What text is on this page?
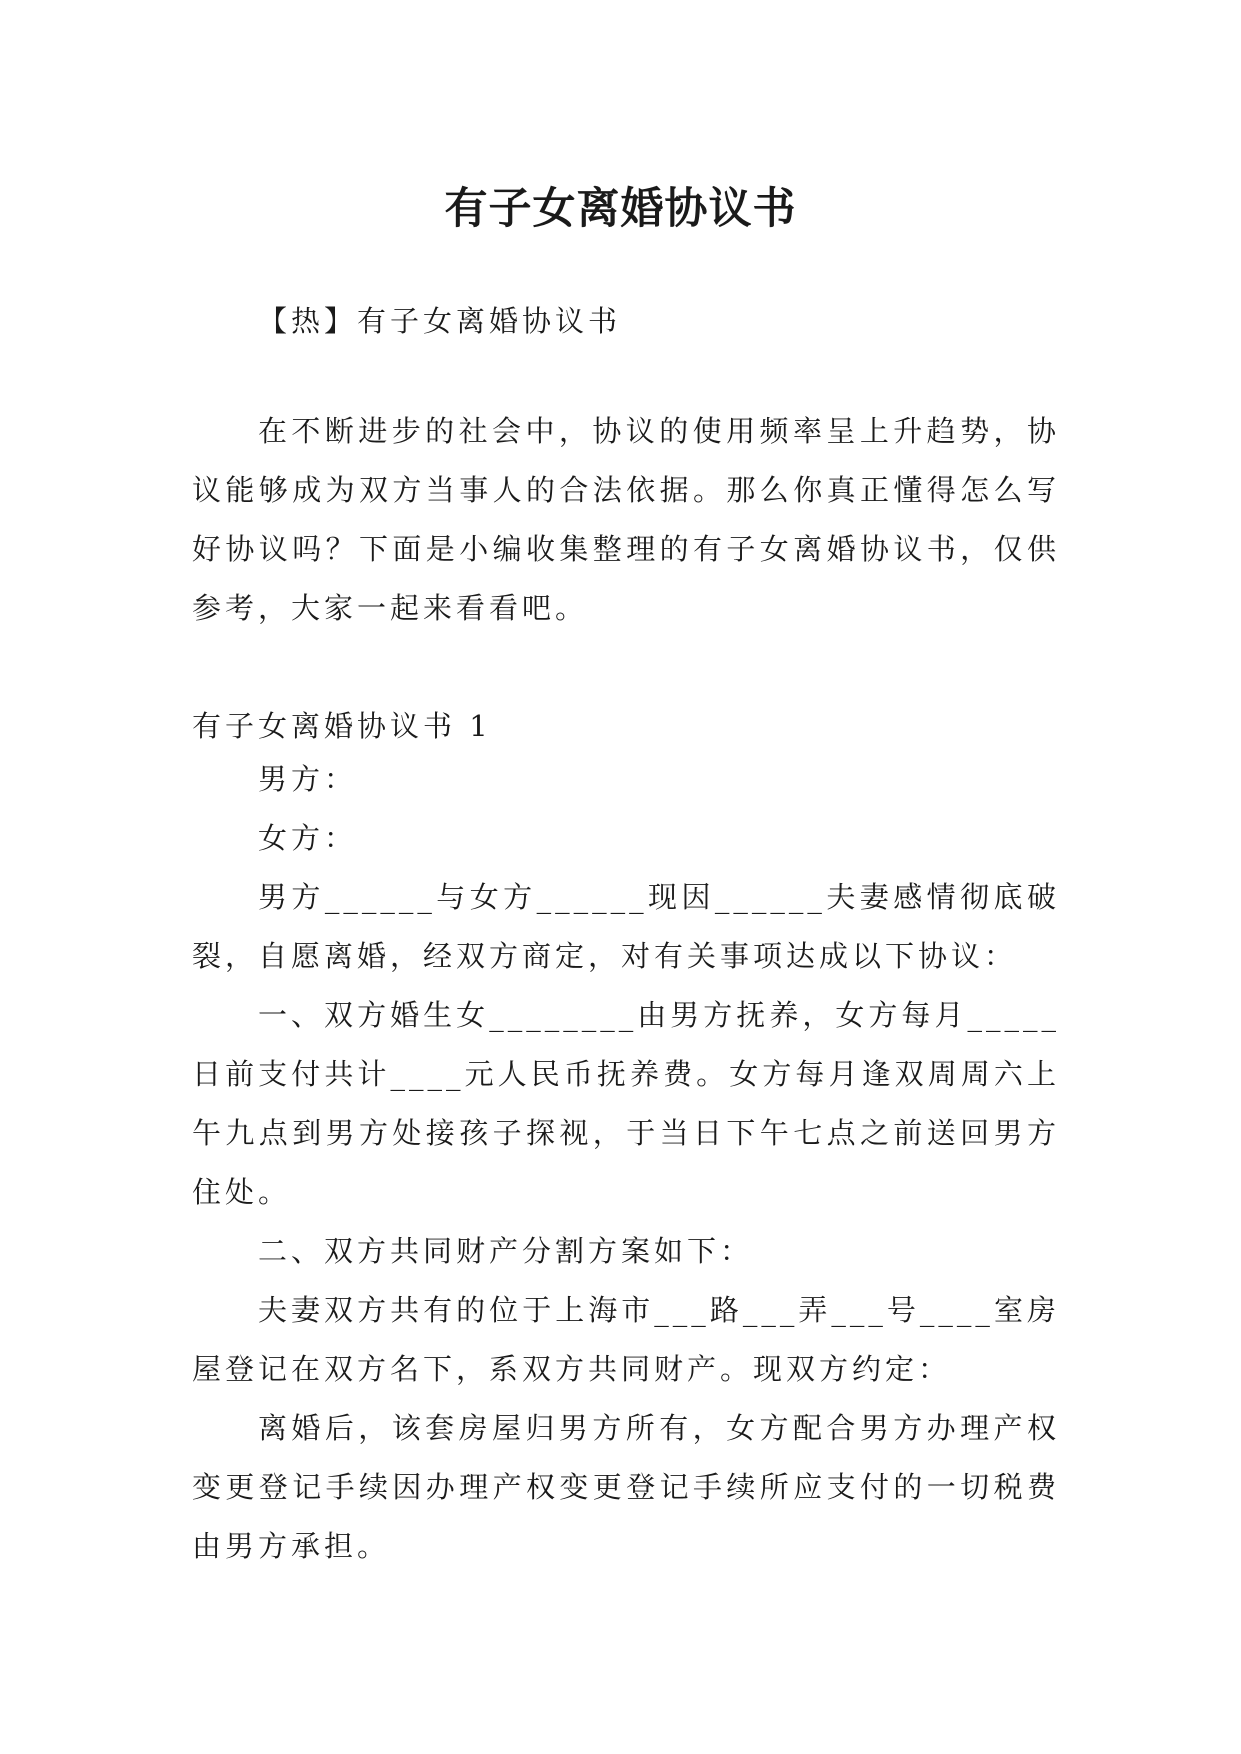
有子女离婚协议书

【热】有子女离婚协议书

在不断进步的社会中，协议的使用频率呈上升趋势，协议能够成为双方当事人的合法依据。那么你真正懂得怎么写好协议吗？下面是小编收集整理的有子女离婚协议书，仅供参考，大家一起来看看吧。

有子女离婚协议书 1

男方：

女方：

男方______与女方______现因______夫妻感情彻底破裂，自愿离婚，经双方商定，对有关事项达成以下协议：

一、双方婚生女________由男方抚养，女方每月_____日前支付共计____元人民币抚养费。女方每月逢双周周六上午九点到男方处接孩子探视，于当日下午七点之前送回男方住处。

二、双方共同财产分割方案如下：

夫妻双方共有的位于上海市___路___弄___号____室房屋登记在双方名下，系双方共同财产。现双方约定：

离婚后，该套房屋归男方所有，女方配合男方办理产权变更登记手续因办理产权变更登记手续所应支付的一切税费由男方承担。
